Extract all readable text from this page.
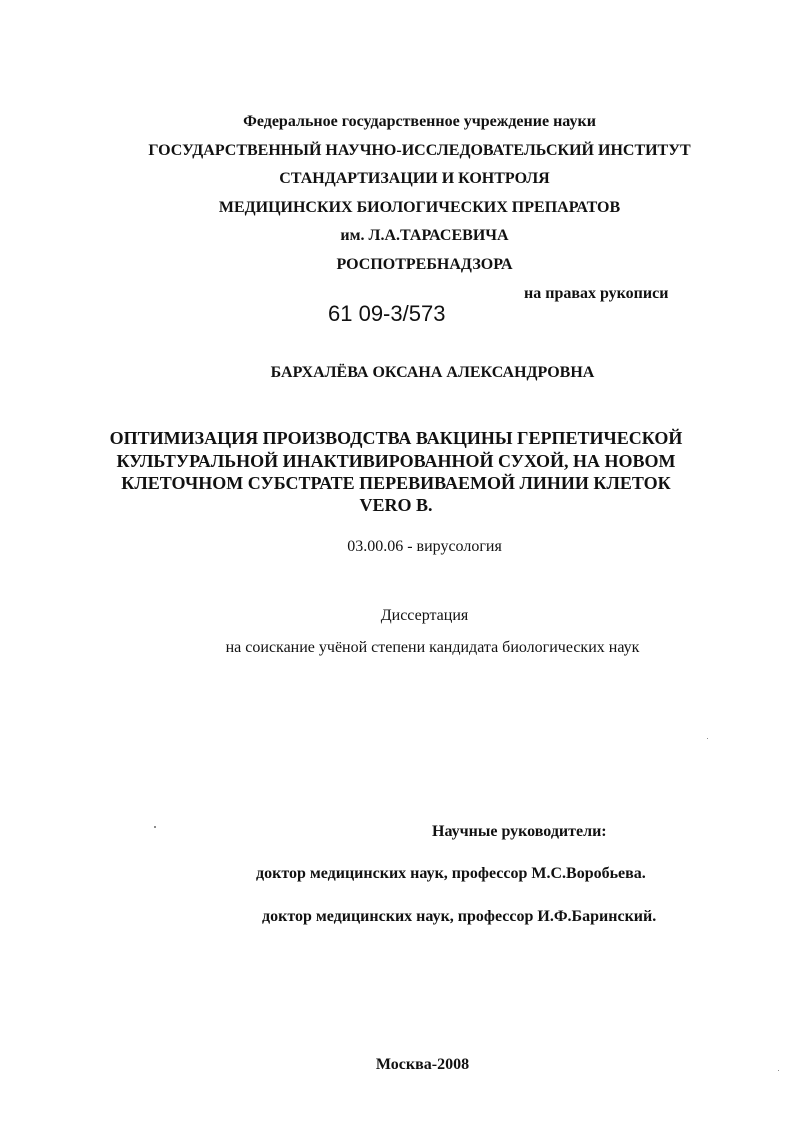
Федеральное государственное учреждение науки
ГОСУДАРСТВЕННЫЙ НАУЧНО-ИССЛЕДОВАТЕЛЬСКИЙ ИНСТИТУТ
СТАНДАРТИЗАЦИИ И КОНТРОЛЯ
МЕДИЦИНСКИХ БИОЛОГИЧЕСКИХ ПРЕПАРАТОВ
им. Л.А.ТАРАСЕВИЧА
РОСПОТРЕБНАДЗОРА
на правах рукописи
61 09-3/573
БАРХАЛЁВА ОКСАНА АЛЕКСАНДРОВНА
ОПТИМИЗАЦИЯ ПРОИЗВОДСТВА ВАКЦИНЫ ГЕРПЕТИЧЕСКОЙ
КУЛЬТУРАЛЬНОЙ ИНАКТИВИРОВАННОЙ СУХОЙ, НА НОВОМ
КЛЕТОЧНОМ СУБСТРАТЕ ПЕРЕВИВАЕМОЙ ЛИНИИ КЛЕТОК
VERO B.
03.00.06 - вирусология
Диссертация
на соискание учёной степени кандидата биологических наук
Научные руководители:
доктор медицинских наук, профессор М.С.Воробьева.
доктор медицинских наук, профессор И.Ф.Баринский.
Москва-2008
